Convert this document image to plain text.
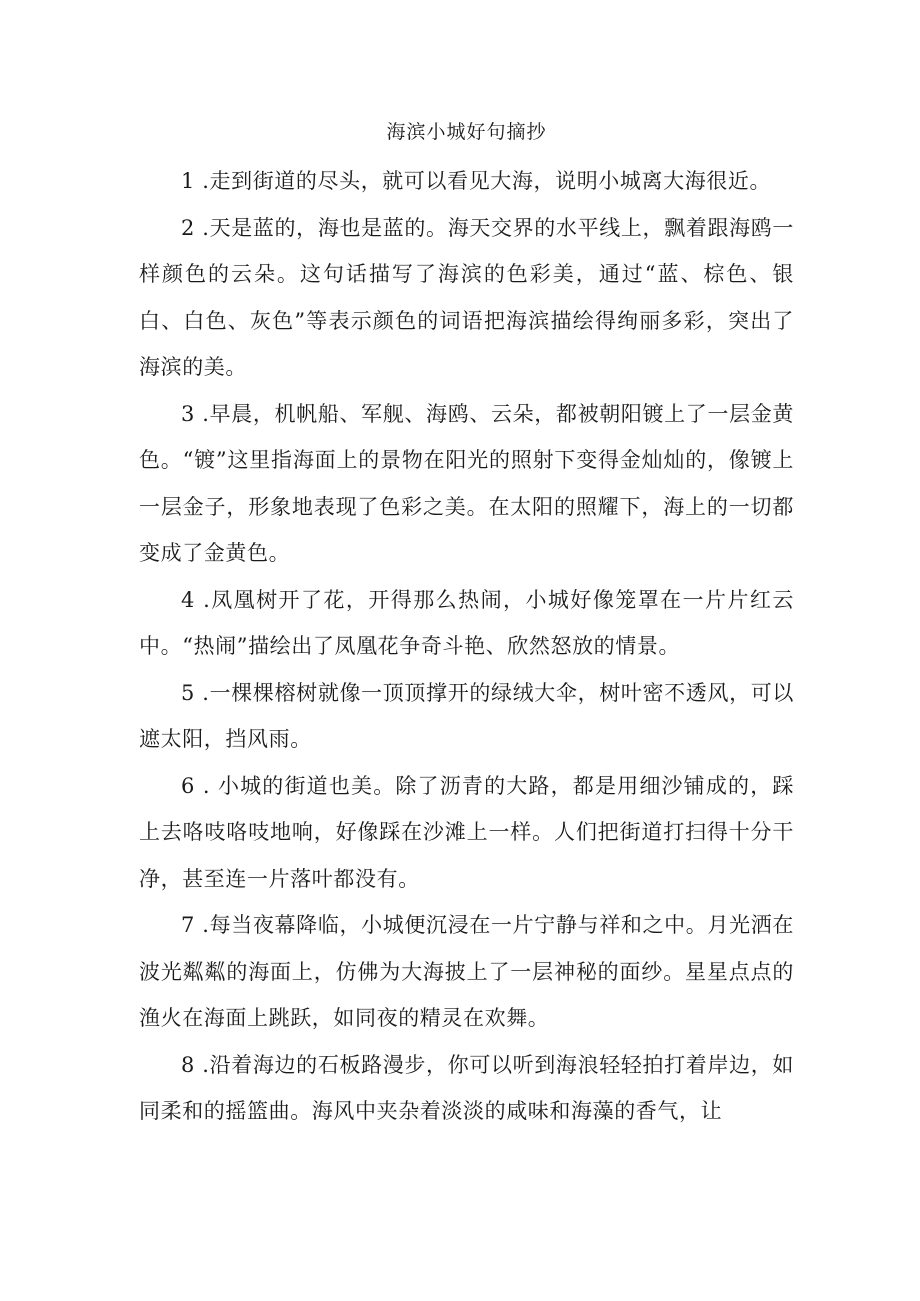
海滨小城好句摘抄

1 .走到街道的尽头，就可以看见大海，说明小城离大海很近。

2 .天是蓝的，海也是蓝的。海天交界的水平线上，飘着跟海鸥一样颜色的云朵。这句话描写了海滨的色彩美，通过“蓝、棕色、银白、白色、灰色”等表示颜色的词语把海滨描绘得绚丽多彩，突出了海滨的美。

3 .早晨，机帆船、军舰、海鸥、云朵，都被朝阳镀上了一层金黄色。“镀”这里指海面上的景物在阳光的照射下变得金灿灿的，像镀上一层金子，形象地表现了色彩之美。在太阳的照耀下，海上的一切都变成了金黄色。

4 .凤凰树开了花，开得那么热闹，小城好像笼罩在一片片红云中。“热闹”描绘出了凤凰花争奇斗艳、欣然怒放的情景。

5 .一棵棵榕树就像一顶顶撑开的绿绒大伞，树叶密不透风，可以遮太阳，挡风雨。

6 . 小城的街道也美。除了沥青的大路，都是用细沙铺成的，踩上去咯吱咯吱地响，好像踩在沙滩上一样。人们把街道打扫得十分干净，甚至连一片落叶都没有。

7 .每当夜幕降临，小城便沉浸在一片宁静与祥和之中。月光洒在波光粼粼的海面上，仿佛为大海披上了一层神秘的面纱。星星点点的渔火在海面上跳跃，如同夜的精灵在欢舞。

8 .沿着海边的石板路漫步，你可以听到海浪轻轻拍打着岸边，如同柔和的摇篮曲。海风中夹杂着淡淡的咸味和海藻的香气，让
